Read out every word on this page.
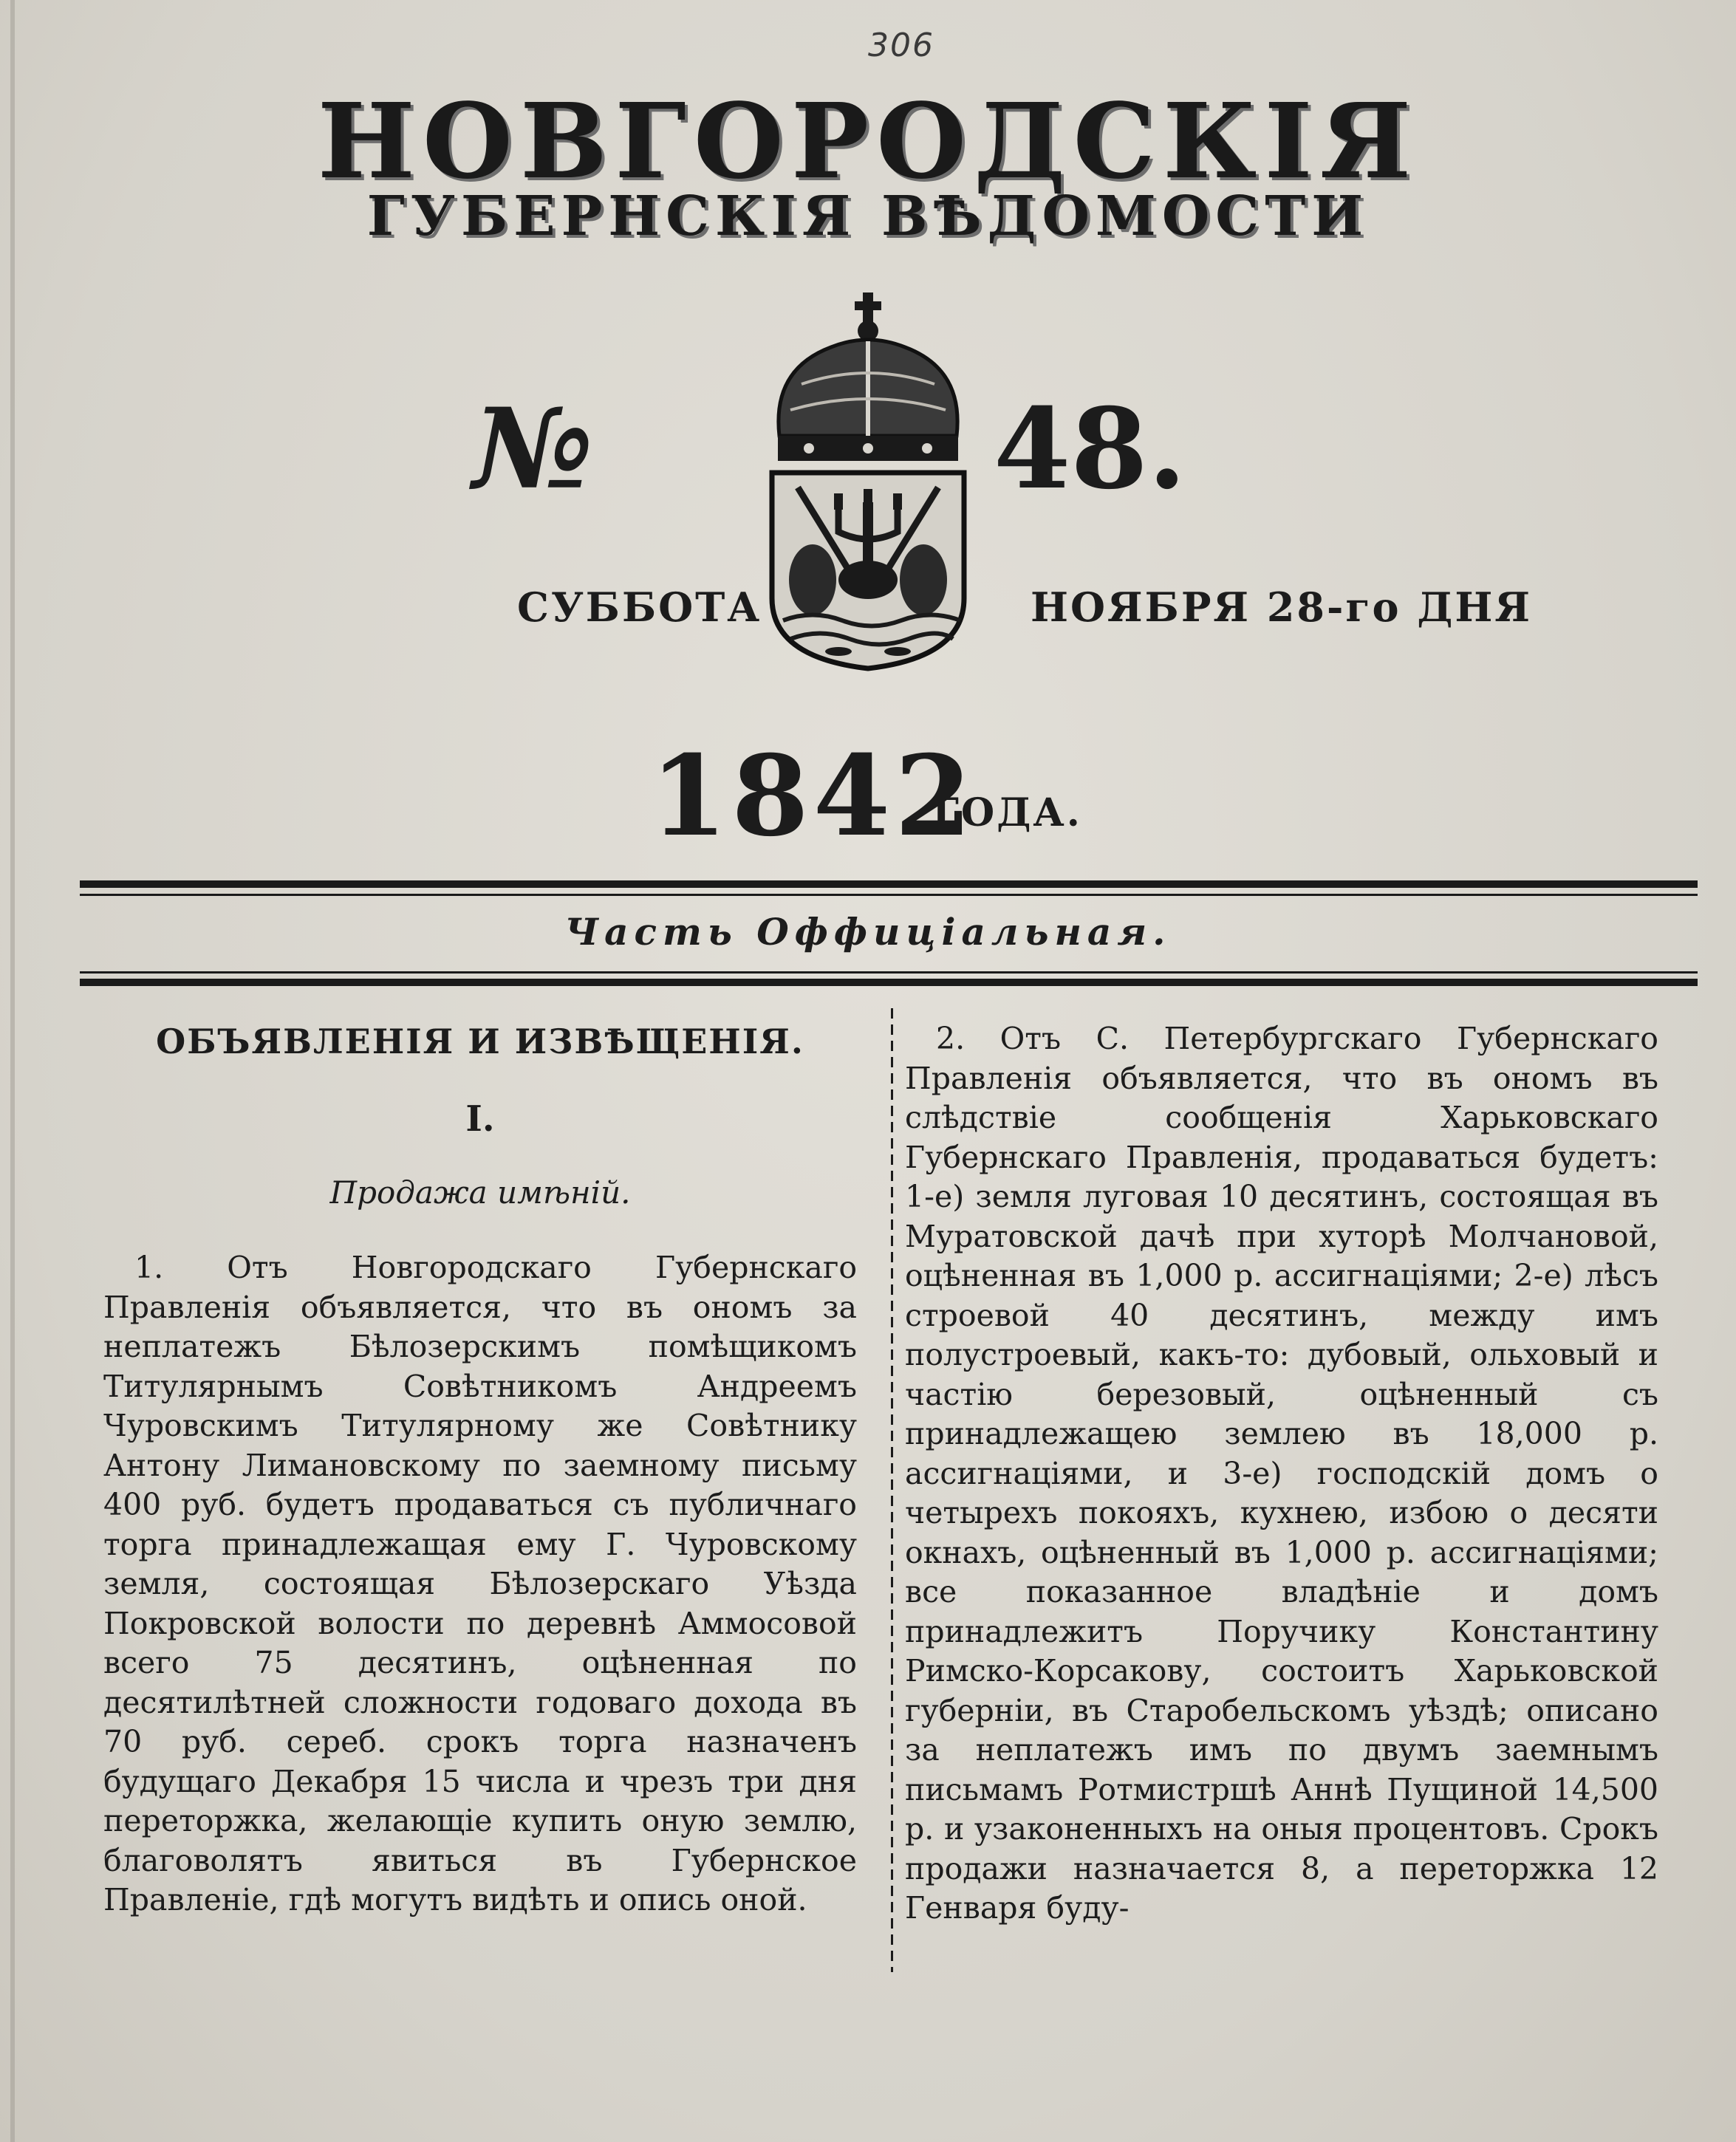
306
НОВГОРОДСКІЯ
ГУБЕРНСКІЯ ВѢДОМОСТИ
№	48.
СУББОТА	НОЯБРЯ 28-го ДНЯ
1842
ГОДА.
Часть Оффиціальная.
ОБЪЯВЛЕНІЯ И ИЗВѢЩЕНІЯ.
I.
Продажа имѣній.

1. Отъ Новгородскаго Губернскаго Правленія объявляется, что въ ономъ за неплатежъ Бѣлозерскимъ помѣщикомъ Титулярнымъ Совѣтникомъ Андреемъ Чуровскимъ Титулярному же Совѣтнику Антону Лимановскому по заемному письму 400 руб. будетъ продаваться съ публичнаго торга принадлежащая ему Г. Чуровскому земля, состоящая Бѣлозерскаго Уѣзда Покровской волости по деревнѣ Аммосовой всего 75 десятинъ, оцѣненная по десятилѣтней сложности годоваго дохода въ 70 руб. сереб. срокъ торга назначенъ будущаго Декабря 15 числа и чрезъ три дня переторжка, желающіе купить оную землю, благоволятъ явиться въ Губернское Правленіе, гдѣ могутъ видѣть и опись оной.

2. Отъ С. Петербургскаго Губернскаго Правленія объявляется, что въ ономъ въ слѣдствіе сообщенія Харьковскаго Губернскаго Правленія, продаваться будетъ: 1-е) земля луговая 10 десятинъ, состоящая въ Муратовской дачѣ при хуторѣ Молчановой, оцѣненная въ 1,000 р. ассигнаціями; 2-е) лѣсъ строевой 40 десятинъ, между имъ полустроевый, какъ-то: дубовый, ольховый и частію березовый, оцѣненный съ принадлежащею землею въ 18,000 р. ассигнаціями, и 3-е) господскій домъ о четырехъ покояхъ, кухнею, избою о десяти окнахъ, оцѣненный въ 1,000 р. ассигнаціями; все показанное владѣніе и домъ принадлежитъ Поручику Константину Римско-Корсакову, состоитъ Харьковской губерніи, въ Старобельскомъ уѣздѣ; описано за неплатежъ имъ по двумъ заемнымъ письмамъ Ротмистршѣ Аннѣ Пущиной 14,500 р. и узаконенныхъ на оныя процентовъ. Срокъ продажи назначается 8, а переторжка 12 Генваря буду-
